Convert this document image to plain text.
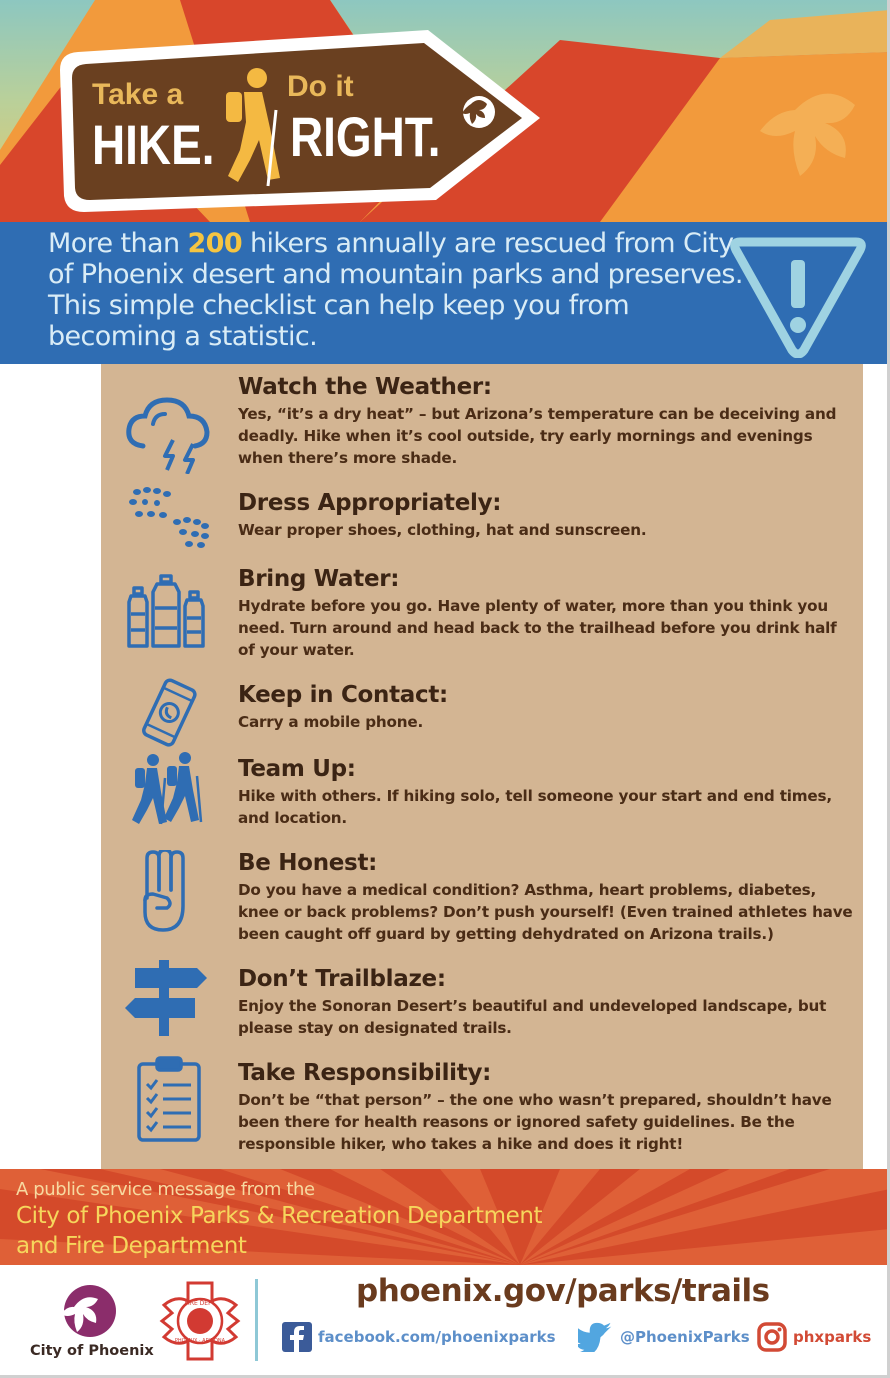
Take a	Do it
HIKE. RIGHT.
More than 200 hikers annually are rescued from City of Phoenix desert and mountain parks and preserves. This simple checklist can help keep you from becoming a statistic.
Watch the Weather:
Yes, “it’s a dry heat” – but Arizona’s temperature can be deceiving and deadly. Hike when it’s cool outside, try early mornings and evenings when there’s more shade.
Dress Appropriately:
Wear proper shoes, clothing, hat and sunscreen.
Bring Water:
Hydrate before you go. Have plenty of water, more than you think you need. Turn around and head back to the trailhead before you drink half of your water.
Keep in Contact:
Carry a mobile phone.
Team Up:
Hike with others. If hiking solo, tell someone your start and end times, and location.
Be Honest:
Do you have a medical condition? Asthma, heart problems, diabetes, knee or back problems? Don’t push yourself! (Even trained athletes have been caught off guard by getting dehydrated on Arizona trails.)
Don’t Trailblaze:
Enjoy the Sonoran Desert’s beautiful and undeveloped landscape, but please stay on designated trails.
Take Responsibility:
Don’t be “that person” – the one who wasn’t prepared, shouldn’t have been there for health reasons or ignored safety guidelines. Be the responsible hiker, who takes a hike and does it right!
A public service message from the
City of Phoenix Parks & Recreation Department
and Fire Department
City of Phoenix
FIRE DEPT
PHOENIX · ARIZONA
phoenix.gov/parks/trails
facebook.com/phoenixparks	@PhoenixParks	phxparks
